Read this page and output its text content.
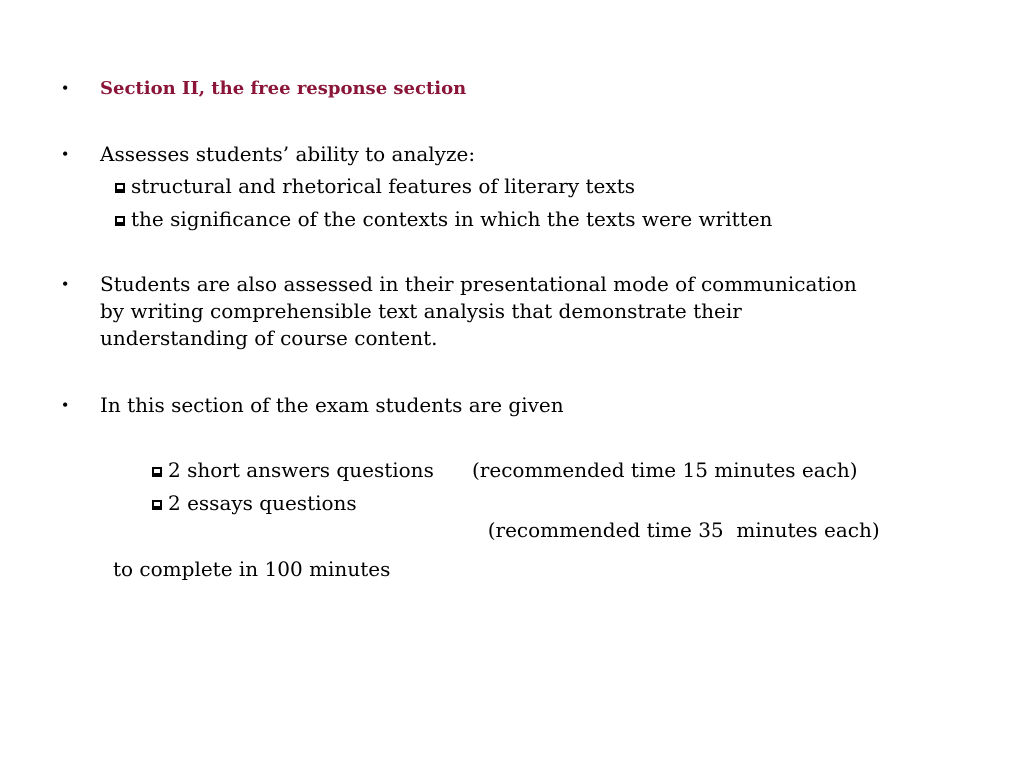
• Section II, the free response section
• Assesses students’ ability to analyze:
structural and rhetorical features of literary texts
the significance of the contexts in which the texts were written
• Students are also assessed in their presentational mode of communication
by writing comprehensible text analysis that demonstrate their
understanding of course content.
• In this section of the exam students are given
2 short answers questions (recommended time 15 minutes each)
2 essays questions

(recommended time 35  minutes each)

to complete in 100 minutes
